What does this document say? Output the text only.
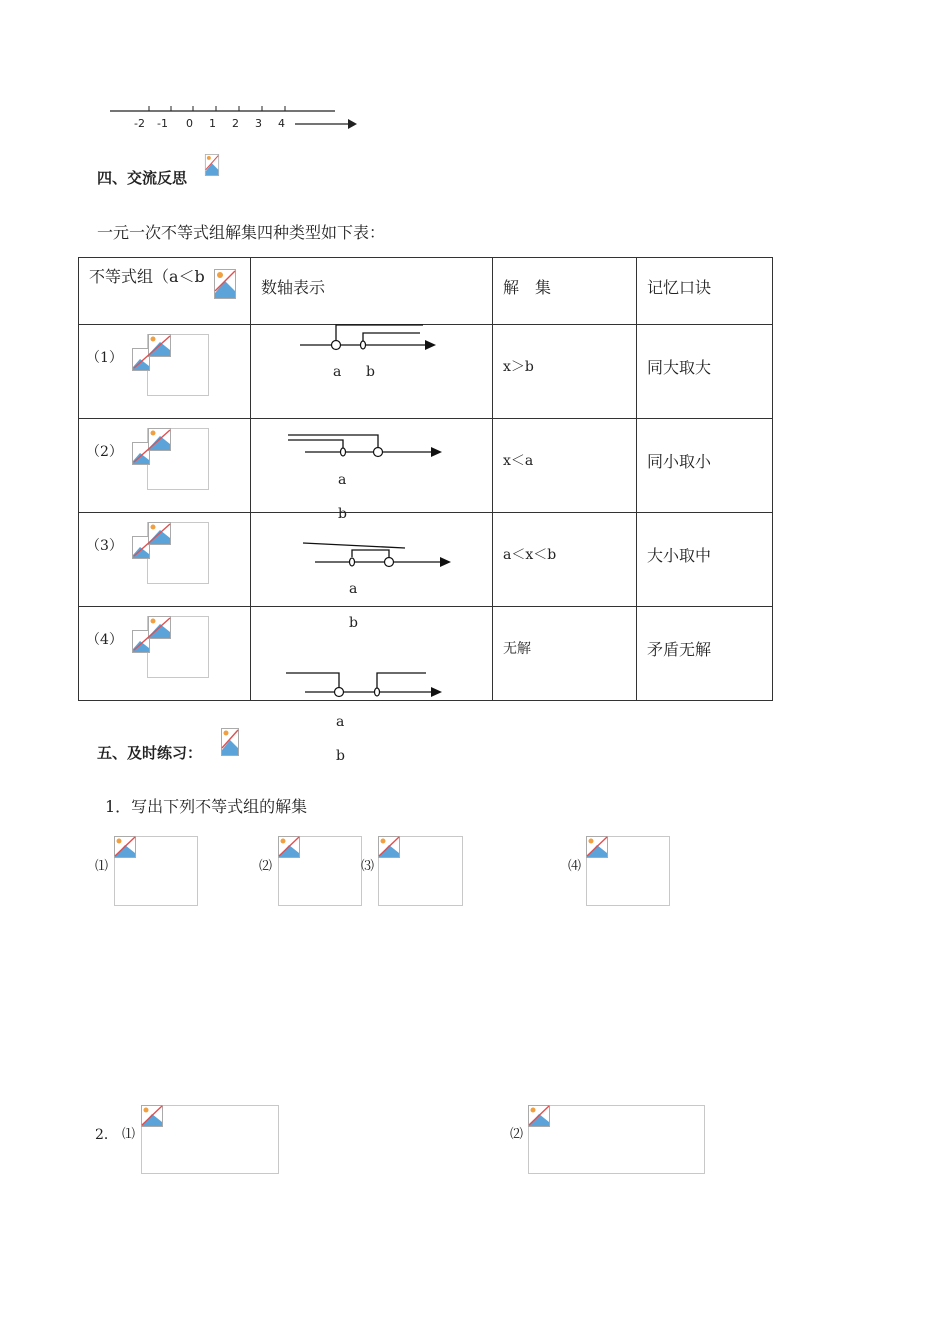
-2 -1 0 1 2 3 4
四、交流反思
一元一次不等式组解集四种类型如下表：
不等式组（a＜b	数轴表示	解　集	记忆口诀

（1）		x＞b	同大取大

（2）		x＜a	同小取小

（3）		a＜x＜b	大小取中

（4）		无解	矛盾无解
a b
a
b
a
b
a
b
五、及时练习：
1．写出下列不等式组的解集
⑴	⑵	⑶	⑷
2． ⑴	⑵
